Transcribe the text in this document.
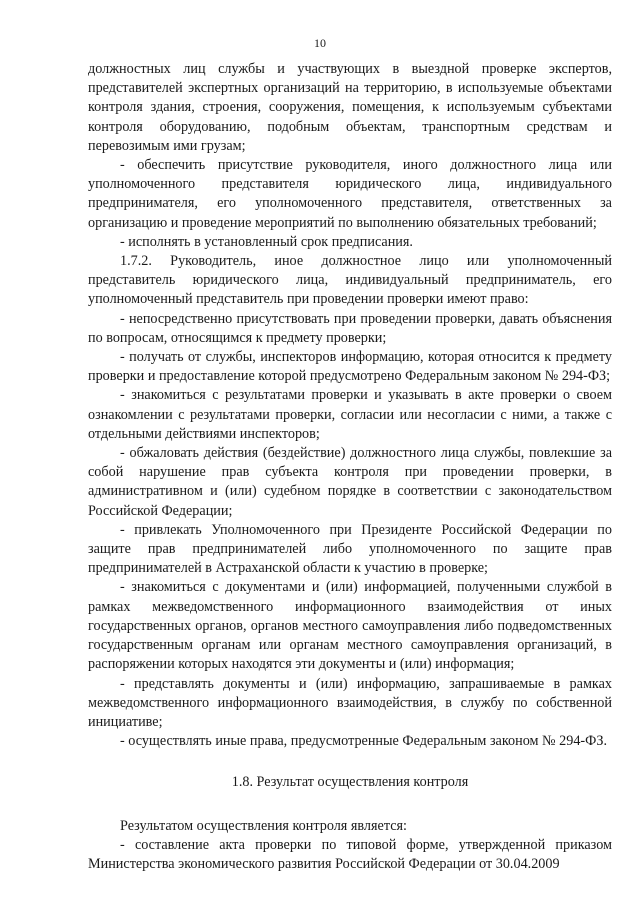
10

должностных лиц службы и участвующих в выездной проверке экспертов, представителей экспертных организаций на территорию, в используемые объектами контроля здания, строения, сооружения, помещения, к используемым субъектами контроля оборудованию, подобным объектам, транспортным средствам и перевозимым ими грузам;

- обеспечить присутствие руководителя, иного должностного лица или уполномоченного представителя юридического лица, индивидуального предпринимателя, его уполномоченного представителя, ответственных за организацию и проведение мероприятий по выполнению обязательных требований;

- исполнять в установленный срок предписания.

1.7.2. Руководитель, иное должностное лицо или уполномоченный представитель юридического лица, индивидуальный предприниматель, его уполномоченный представитель при проведении проверки имеют право:

- непосредственно присутствовать при проведении проверки, давать объяснения по вопросам, относящимся к предмету проверки;

- получать от службы, инспекторов информацию, которая относится к предмету проверки и предоставление которой предусмотрено Федеральным законом № 294-ФЗ;

- знакомиться с результатами проверки и указывать в акте проверки о своем ознакомлении с результатами проверки, согласии или несогласии с ними, а также с отдельными действиями инспекторов;

- обжаловать действия (бездействие) должностного лица службы, повлекшие за собой нарушение прав субъекта контроля при проведении проверки, в административном и (или) судебном порядке в соответствии с законодательством Российской Федерации;

- привлекать Уполномоченного при Президенте Российской Федерации по защите прав предпринимателей либо уполномоченного по защите прав предпринимателей в Астраханской области к участию в проверке;

- знакомиться с документами и (или) информацией, полученными службой в рамках межведомственного информационного взаимодействия от иных государственных органов, органов местного самоуправления либо подведомственных государственным органам или органам местного самоуправления организаций, в распоряжении которых находятся эти документы и (или) информация;

- представлять документы и (или) информацию, запрашиваемые в рамках межведомственного информационного взаимодействия, в службу по собственной инициативе;

- осуществлять иные права, предусмотренные Федеральным законом № 294-ФЗ.

1.8. Результат осуществления контроля

Результатом осуществления контроля является:

- составление акта проверки по типовой форме, утвержденной приказом Министерства экономического развития Российской Федерации от 30.04.2009
